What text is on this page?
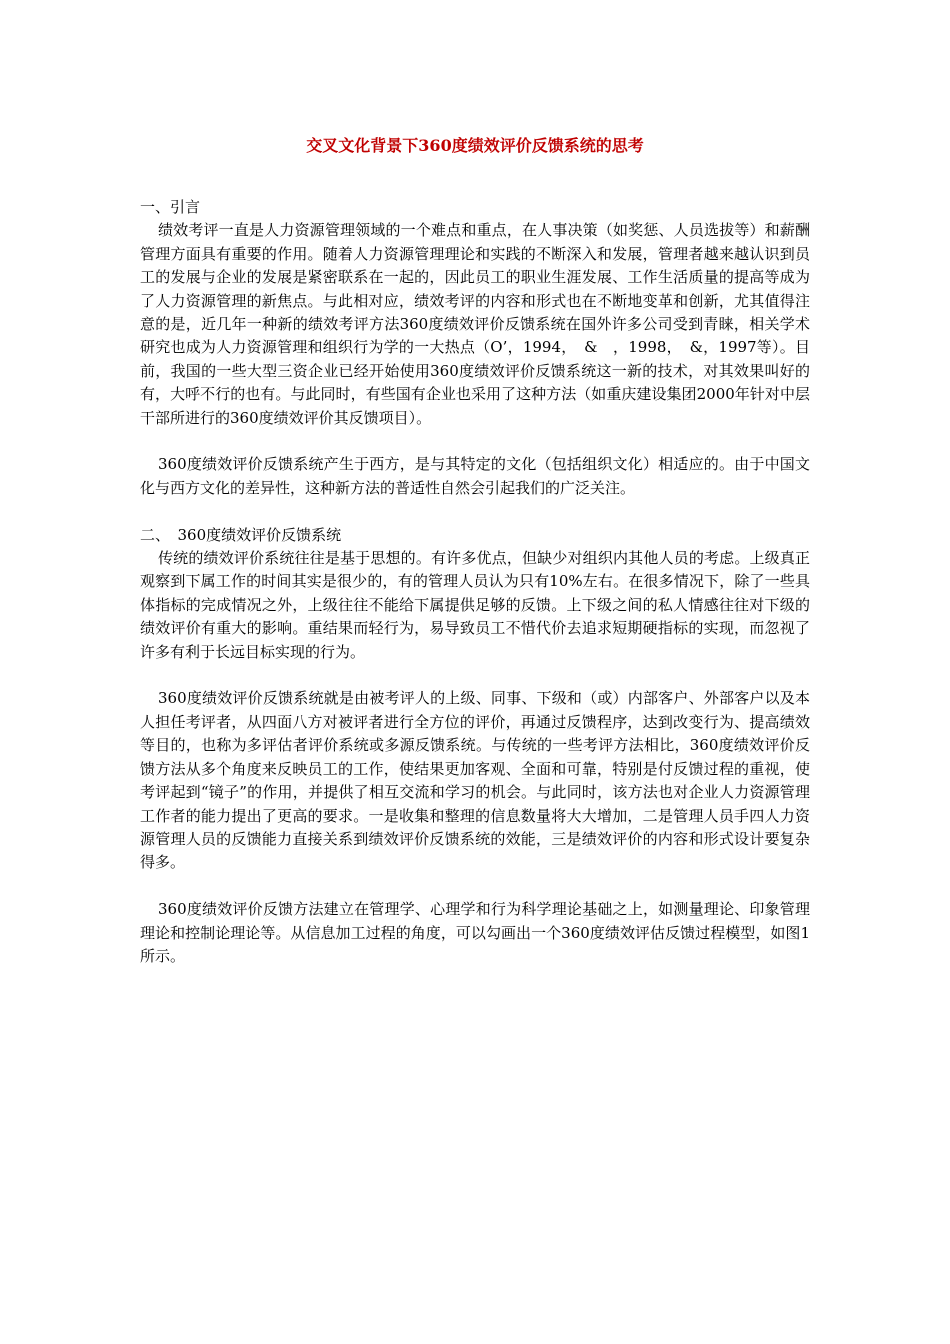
交叉文化背景下360度绩效评价反馈系统的思考

一、引言

绩效考评一直是人力资源管理领域的一个难点和重点，在人事决策（如奖惩、人员选拔等）和薪酬管理方面具有重要的作用。随着人力资源管理理论和实践的不断深入和发展，管理者越来越认识到员工的发展与企业的发展是紧密联系在一起的，因此员工的职业生涯发展、工作生活质量的提高等成为了人力资源管理的新焦点。与此相对应，绩效考评的内容和形式也在不断地变革和创新，尤其值得注意的是，近几年一种新的绩效考评方法360度绩效评价反馈系统在国外许多公司受到青睐，相关学术研究也成为人力资源管理和组织行为学的一大热点（O’，1994，　&　，1998，　&，1997等）。目前，我国的一些大型三资企业已经开始使用360度绩效评价反馈系统这一新的技术，对其效果叫好的有，大呼不行的也有。与此同时，有些国有企业也采用了这种方法（如重庆建设集团2000年针对中层干部所进行的360度绩效评价其反馈项目）。

360度绩效评价反馈系统产生于西方，是与其特定的文化（包括组织文化）相适应的。由于中国文化与西方文化的差异性，这种新方法的普适性自然会引起我们的广泛关注。

二、　360度绩效评价反馈系统

传统的绩效评价系统往往是基于思想的。有许多优点，但缺少对组织内其他人员的考虑。上级真正观察到下属工作的时间其实是很少的，有的管理人员认为只有10%左右。在很多情况下，除了一些具体指标的完成情况之外，上级往往不能给下属提供足够的反馈。上下级之间的私人情感往往对下级的绩效评价有重大的影响。重结果而轻行为，易导致员工不惜代价去追求短期硬指标的实现，而忽视了许多有利于长远目标实现的行为。

360度绩效评价反馈系统就是由被考评人的上级、同事、下级和（或）内部客户、外部客户以及本人担任考评者，从四面八方对被评者进行全方位的评价，再通过反馈程序，达到改变行为、提高绩效等目的，也称为多评估者评价系统或多源反馈系统。与传统的一些考评方法相比，360度绩效评价反馈方法从多个角度来反映员工的工作，使结果更加客观、全面和可靠，特别是付反馈过程的重视，使考评起到“镜子”的作用，并提供了相互交流和学习的机会。与此同时，该方法也对企业人力资源管理工作者的能力提出了更高的要求。一是收集和整理的信息数量将大大增加，二是管理人员手四人力资源管理人员的反馈能力直接关系到绩效评价反馈系统的效能，三是绩效评价的内容和形式设计要复杂得多。

360度绩效评价反馈方法建立在管理学、心理学和行为科学理论基础之上，如测量理论、印象管理理论和控制论理论等。从信息加工过程的角度，可以勾画出一个360度绩效评估反馈过程模型，如图1所示。
